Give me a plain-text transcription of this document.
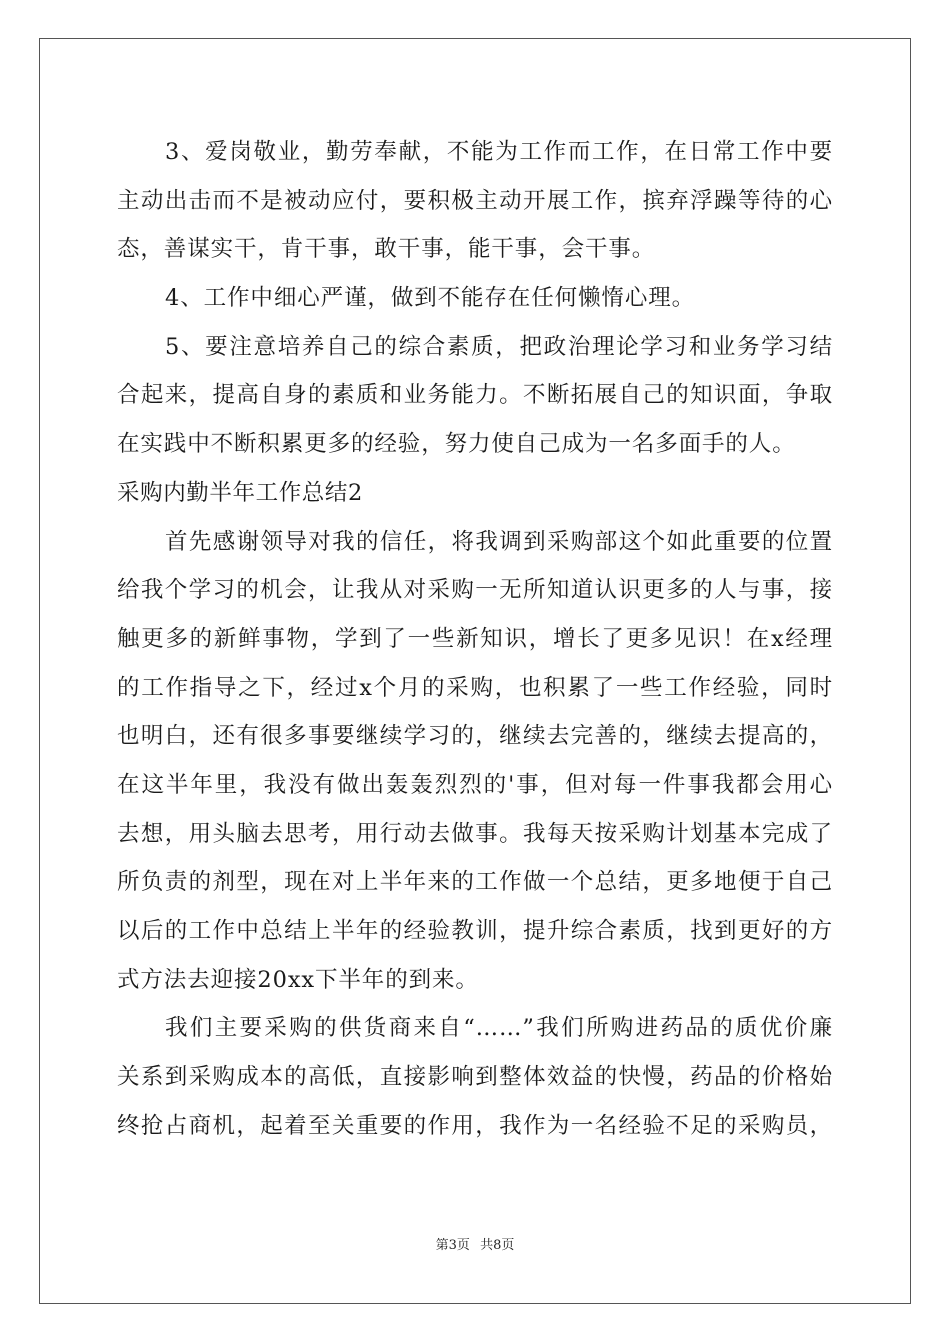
3、爱岗敬业，勤劳奉献，不能为工作而工作，在日常工作中要
主动出击而不是被动应付，要积极主动开展工作，摈弃浮躁等待的心
态，善谋实干，肯干事，敢干事，能干事，会干事。
4、工作中细心严谨，做到不能存在任何懒惰心理。
5、要注意培养自己的综合素质，把政治理论学习和业务学习结
合起来，提高自身的素质和业务能力。不断拓展自己的知识面，争取
在实践中不断积累更多的经验，努力使自己成为一名多面手的人。
采购内勤半年工作总结2
首先感谢领导对我的信任，将我调到采购部这个如此重要的位置
给我个学习的机会，让我从对采购一无所知道认识更多的人与事，接
触更多的新鲜事物，学到了一些新知识，增长了更多见识！在x经理
的工作指导之下，经过x个月的采购，也积累了一些工作经验，同时
也明白，还有很多事要继续学习的，继续去完善的，继续去提高的，
在这半年里，我没有做出轰轰烈烈的'事，但对每一件事我都会用心
去想，用头脑去思考，用行动去做事。我每天按采购计划基本完成了
所负责的剂型，现在对上半年来的工作做一个总结，更多地便于自己
以后的工作中总结上半年的经验教训，提升综合素质，找到更好的方
式方法去迎接20xx下半年的到来。
我们主要采购的供货商来自“……”我们所购进药品的质优价廉
关系到采购成本的高低，直接影响到整体效益的快慢，药品的价格始
终抢占商机，起着至关重要的作用，我作为一名经验不足的采购员，
第3页 共8页
